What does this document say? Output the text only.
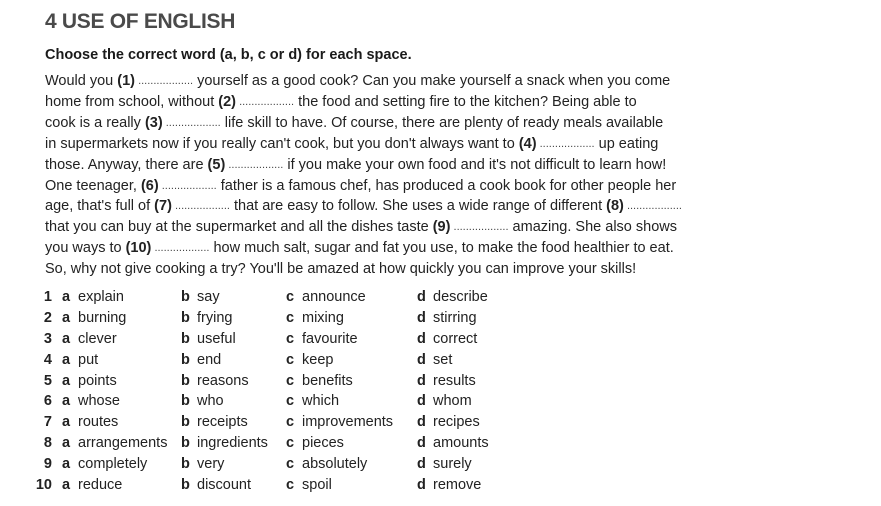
4 USE OF ENGLISH
Choose the correct word (a, b, c or d) for each space.
Would you (1) .................. yourself as a good cook? Can you make yourself a snack when you come
home from school, without (2) .................. the food and setting fire to the kitchen? Being able to
cook is a really (3) .................. life skill to have. Of course, there are plenty of ready meals available
in supermarkets now if you really can't cook, but you don't always want to (4) .................. up eating
those. Anyway, there are (5) .................. if you make your own food and it's not difficult to learn how!
One teenager, (6) .................. father is a famous chef, has produced a cook book for other people her
age, that's full of (7) .................. that are easy to follow. She uses a wide range of different (8) ..................
that you can buy at the supermarket and all the dishes taste (9) .................. amazing. She also shows
you ways to (10) .................. how much salt, sugar and fat you use, to make the food healthier to eat.
So, why not give cooking a try? You'll be amazed at how quickly you can improve your skills!
1 a explain	b say	c announce	d describe
2 a burning	b frying	c mixing	d stirring
3 a clever	b useful	c favourite	d correct
4 a put	b end	c keep	d set
5 a points	b reasons	c benefits	d results
6 a whose	b who	c which	d whom
7 a routes	b receipts	c improvements d recipes
8 a arrangements b ingredients c pieces	d amounts
9 a completely b very	c absolutely	d surely
10 a reduce	b discount c spoil	d remove
